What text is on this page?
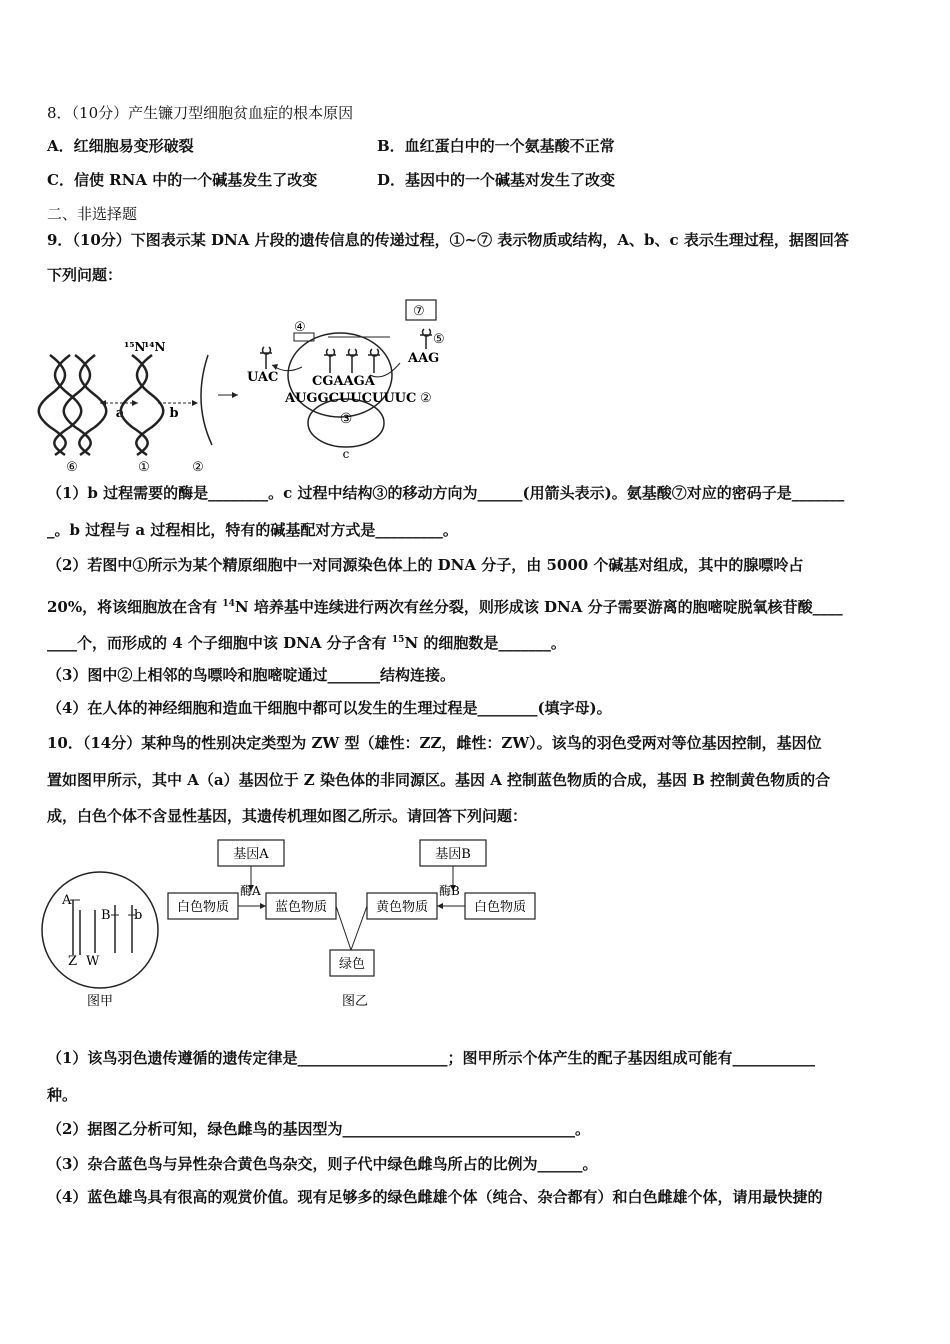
8．（10分）产生镰刀型细胞贫血症的根本原因
A．红细胞易变形破裂	B．血红蛋白中的一个氨基酸不正常
C．信使 RNA 中的一个碱基发生了改变	D．基因中的一个碱基对发生了改变
二、非选择题
9．（10分）下图表示某 DNA 片段的遗传信息的传递过程，①~⑦ 表示物质或结构，A、b、c 表示生理过程，据图回答
下列问题：
⑥
a
¹⁵N
¹⁴N
①
b
②
③
c
AUGGCUUCUUUC ②
CGAAGA
④
⑦
⑤
AAG
UAC
（1）b 过程需要的酶是________。c 过程中结构③的移动方向为______(用箭头表示)。氨基酸⑦对应的密码子是_______
_。b 过程与 a 过程相比，特有的碱基配对方式是_________。
（2）若图中①所示为某个精原细胞中一对同源染色体上的 DNA 分子，由 5000 个碱基对组成，其中的腺嘌呤占
20%，将该细胞放在含有 $^{14}$N 培养基中连续进行两次有丝分裂，则形成该 DNA 分子需要游离的胞嘧啶脱氧核苷酸____
____个，而形成的 4 个子细胞中该 DNA 分子含有 $^{15}$N 的细胞数是_______。
（3）图中②上相邻的鸟嘌呤和胞嘧啶通过_______结构连接。
（4）在人体的神经细胞和造血干细胞中都可以发生的生理过程是________(填字母)。
10．（14分）某种鸟的性别决定类型为 ZW 型（雄性：ZZ，雌性：ZW）。该鸟的羽色受两对等位基因控制，基因位
置如图甲所示，其中 A（a）基因位于 Z 染色体的非同源区。基因 A 控制蓝色物质的合成，基因 B 控制黄色物质的合
成，白色个体不含显性基因，其遗传机理如图乙所示。请回答下列问题：
A
B b
Z W
基因A	基因B
白色物质
酶A
蓝色物质	黄色物质
酶B
白色物质
绿色
图甲	图乙
（1）该鸟羽色遗传遵循的遗传定律是____________________；图甲所示个体产生的配子基因组成可能有___________
种。
（2）据图乙分析可知，绿色雌鸟的基因型为_______________________________。
（3）杂合蓝色鸟与异性杂合黄色鸟杂交，则子代中绿色雌鸟所占的比例为______。
（4）蓝色雄鸟具有很高的观赏价值。现有足够多的绿色雌雄个体（纯合、杂合都有）和白色雌雄个体，请用最快捷的
